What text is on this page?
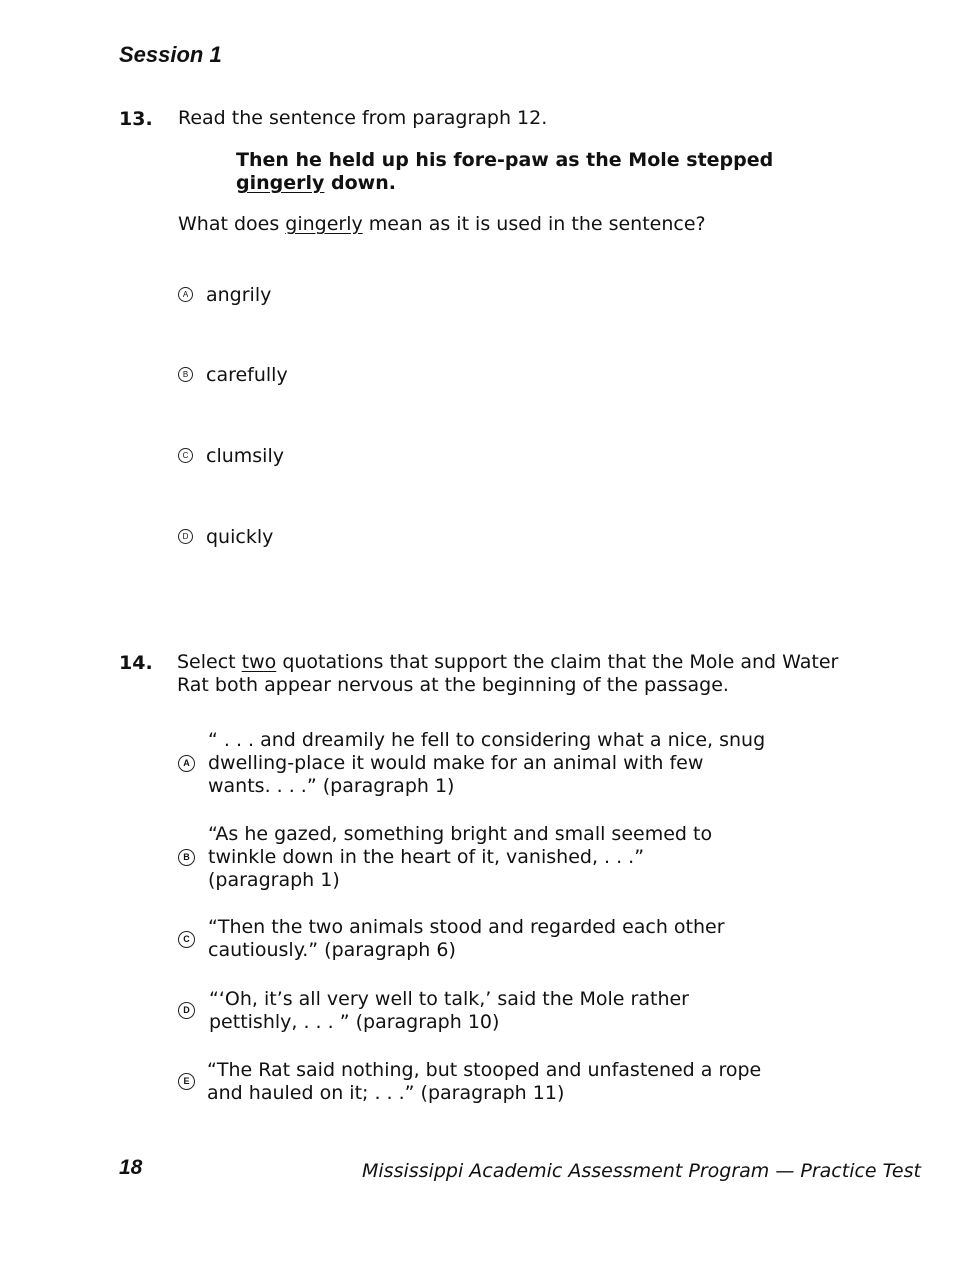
Session 1
13. Read the sentence from paragraph 12.
Then he held up his fore-paw as the Mole stepped
gingerly down.
What does gingerly mean as it is used in the sentence?
A angrily
B carefully
C clumsily
D quickly
14. Select two quotations that support the claim that the Mole and Water
Rat both appear nervous at the beginning of the passage.
A
“ . . . and dreamily he fell to considering what a nice, snug
dwelling-place it would make for an animal with few
wants. . . .” (paragraph 1)
B
“As he gazed, something bright and small seemed to
twinkle down in the heart of it, vanished, . . .”
(paragraph 1)
C
“Then the two animals stood and regarded each other
cautiously.” (paragraph 6)
D “‘Oh, it’s all very well to talk,’ said the Mole rather
pettishly, . . . ” (paragraph 10)
E “The Rat said nothing, but stooped and unfastened a rope
and hauled on it; . . .” (paragraph 11)
18	Mississippi Academic Assessment Program — Practice Test
